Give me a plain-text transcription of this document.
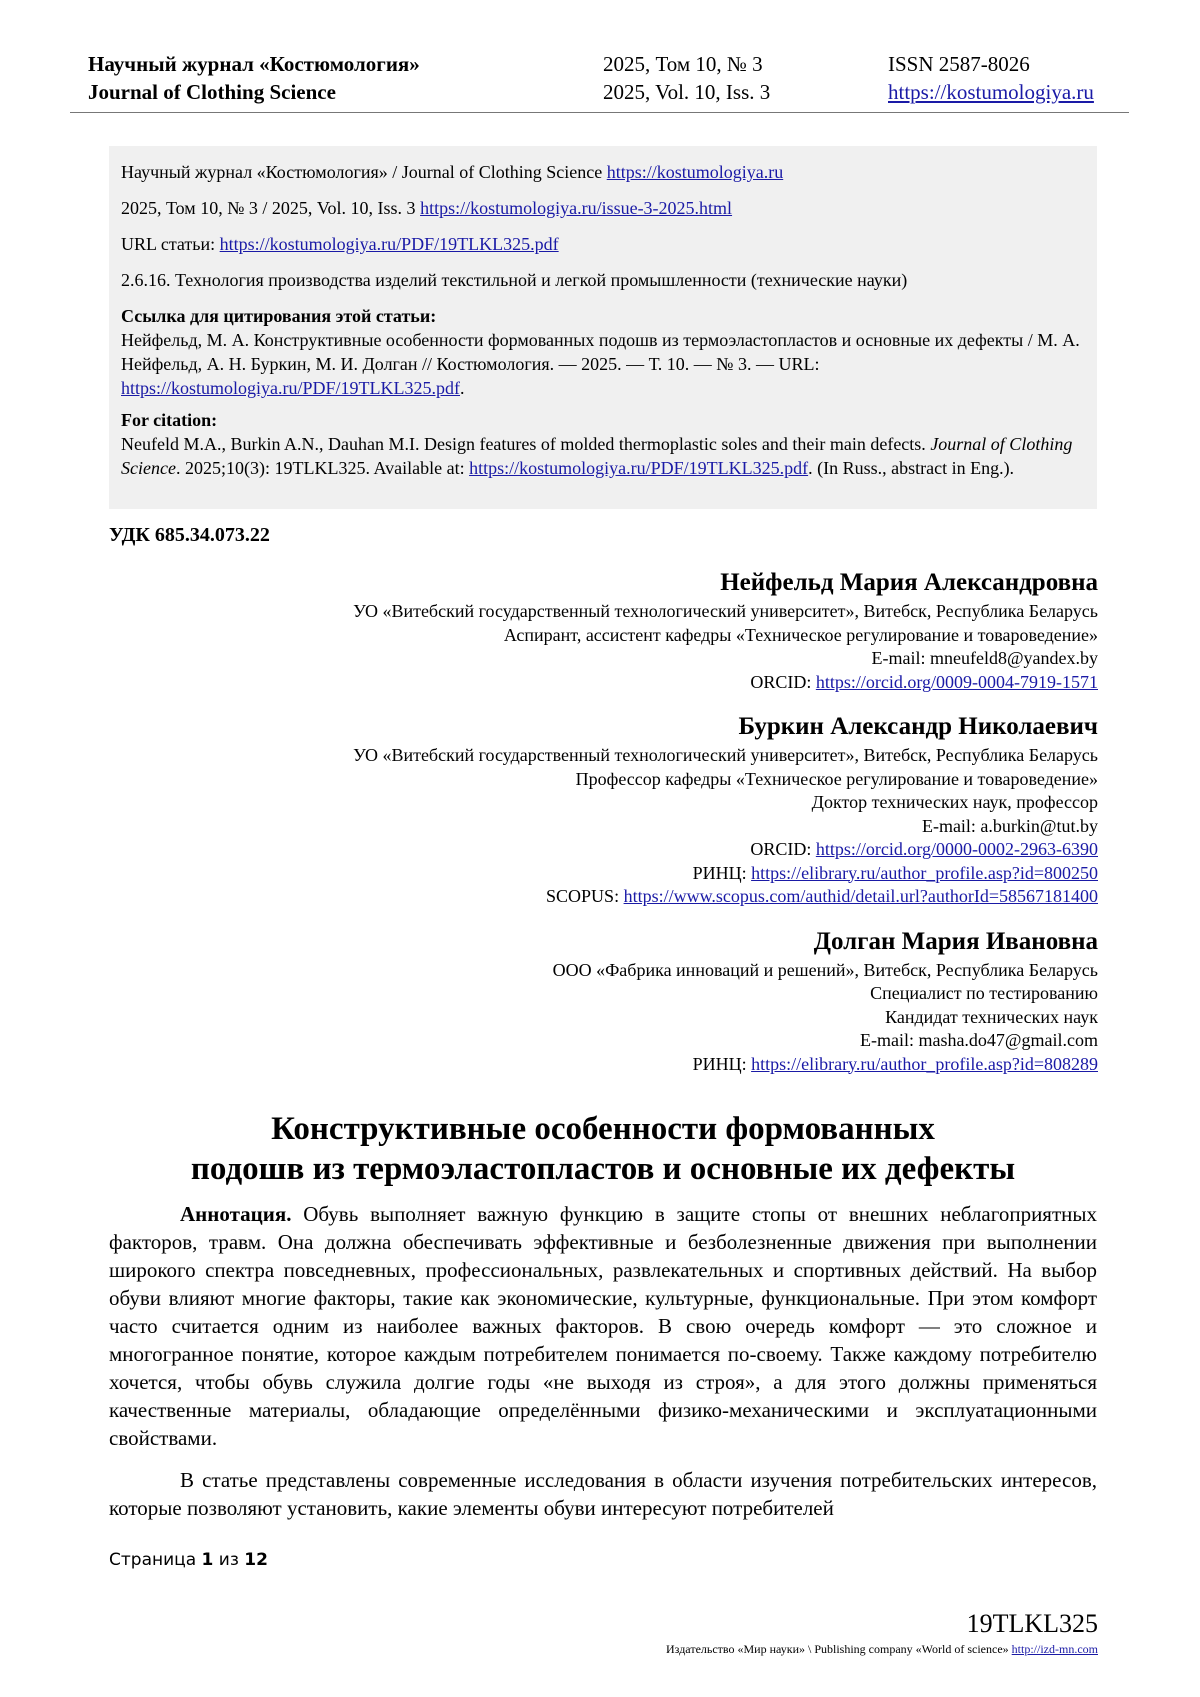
Научный журнал «Костюмология»
Journal of Clothing Science
2025, Том 10, № 3
2025, Vol. 10, Iss. 3
ISSN 2587-8026
https://kostumologiya.ru

Научный журнал «Костюмология» / Journal of Clothing Science https://kostumologiya.ru

2025, Том 10, № 3 / 2025, Vol. 10, Iss. 3 https://kostumologiya.ru/issue-3-2025.html

URL статьи: https://kostumologiya.ru/PDF/19TLKL325.pdf

2.6.16. Технология производства изделий текстильной и легкой промышленности (технические науки)

Ссылка для цитирования этой статьи:
Нейфельд, М. А. Конструктивные особенности формованных подошв из термоэластопластов и основные их дефекты / М. А. Нейфельд, А. Н. Буркин, М. И. Долган // Костюмология. — 2025. — Т. 10. — № 3. — URL: https://kostumologiya.ru/PDF/19TLKL325.pdf.
For citation:
Neufeld M.A., Burkin A.N., Dauhan M.I. Design features of molded thermoplastic soles and their main defects. Journal of Clothing Science. 2025;10(3): 19TLKL325. Available at: https://kostumologiya.ru/PDF/19TLKL325.pdf. (In Russ., abstract in Eng.).
УДК 685.34.073.22
Нейфельд Мария Александровна
УО «Витебский государственный технологический университет», Витебск, Республика Беларусь
Аспирант, ассистент кафедры «Техническое регулирование и товароведение»
E-mail: mneufeld8@yandex.by
ORCID: https://orcid.org/0009-0004-7919-1571
Буркин Александр Николаевич
УО «Витебский государственный технологический университет», Витебск, Республика Беларусь
Профессор кафедры «Техническое регулирование и товароведение»
Доктор технических наук, профессор
E-mail: a.burkin@tut.by
ORCID: https://orcid.org/0000-0002-2963-6390
РИНЦ: https://elibrary.ru/author_profile.asp?id=800250
SCOPUS: https://www.scopus.com/authid/detail.url?authorId=58567181400
Долган Мария Ивановна
ООО «Фабрика инноваций и решений», Витебск, Республика Беларусь
Специалист по тестированию
Кандидат технических наук
E-mail: masha.do47@gmail.com
РИНЦ: https://elibrary.ru/author_profile.asp?id=808289
Конструктивные особенности формованных
подошв из термоэластопластов и основные их дефекты

Аннотация. Обувь выполняет важную функцию в защите стопы от внешних неблагоприятных факторов, травм. Она должна обеспечивать эффективные и безболезненные движения при выполнении широкого спектра повседневных, профессиональных, развлекательных и спортивных действий. На выбор обуви влияют многие факторы, такие как экономические, культурные, функциональные. При этом комфорт часто считается одним из наиболее важных факторов. В свою очередь комфорт — это сложное и многогранное понятие, которое каждым потребителем понимается по-своему. Также каждому потребителю хочется, чтобы обувь служила долгие годы «не выходя из строя», а для этого должны применяться качественные материалы, обладающие определёнными физико-механическими и эксплуатационными свойствами.

В статье представлены современные исследования в области изучения потребительских интересов, которые позволяют установить, какие элементы обуви интересуют потребителей

Страница 1 из 12
19TLKL325
Издательство «Мир науки» \ Publishing company «World of science» http://izd-mn.com
